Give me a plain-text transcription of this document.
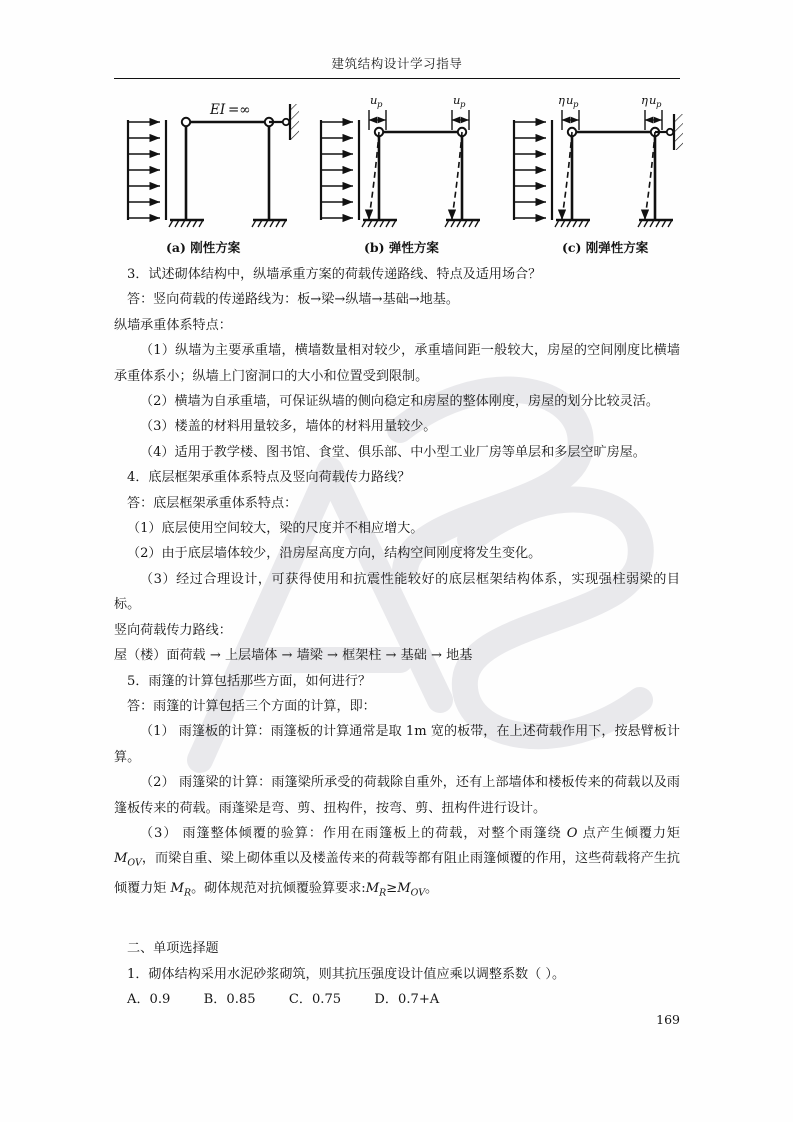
建筑结构设计学习指导
EI =∞
u p	u p	η u p	η u p
(a) 刚性方案	(b) 弹性方案	(c) 刚弹性方案

3．试述砌体结构中，纵墙承重方案的荷载传递路线、特点及适用场合？

答：竖向荷载的传递路线为：板→梁→纵墙→基础→地基。

纵墙承重体系特点：

（1）纵墙为主要承重墙，横墙数量相对较少，承重墙间距一般较大，房屋的空间刚度比横墙承重体系小；纵墙上门窗洞口的大小和位置受到限制。

（2）横墙为自承重墙，可保证纵墙的侧向稳定和房屋的整体刚度，房屋的划分比较灵活。

（3）楼盖的材料用量较多，墙体的材料用量较少。

（4）适用于教学楼、图书馆、食堂、俱乐部、中小型工业厂房等单层和多层空旷房屋。

4．底层框架承重体系特点及竖向荷载传力路线？

答：底层框架承重体系特点：

（1）底层使用空间较大，梁的尺度并不相应增大。

（2）由于底层墙体较少，沿房屋高度方向，结构空间刚度将发生变化。

（3）经过合理设计，可获得使用和抗震性能较好的底层框架结构体系，实现强柱弱梁的目标。

竖向荷载传力路线：

屋（楼）面荷载 → 上层墙体 → 墙梁 → 框架柱 → 基础 → 地基

5．雨篷的计算包括那些方面，如何进行？

答：雨篷的计算包括三个方面的计算，即：

（1） 雨篷板的计算：雨篷板的计算通常是取 1m 宽的板带，在上述荷载作用下，按悬臂板计算。

（2） 雨篷梁的计算：雨篷梁所承受的荷载除自重外，还有上部墙体和楼板传来的荷载以及雨篷板传来的荷载。雨蓬梁是弯、剪、扭构件，按弯、剪、扭构件进行设计。

（3） 雨篷整体倾覆的验算：作用在雨篷板上的荷载，对整个雨篷绕 O 点产生倾覆力矩 $M_{OV}$，而梁自重、梁上砌体重以及楼盖传来的荷载等都有阻止雨篷倾覆的作用，这些荷载将产生抗倾覆力矩 $M_R$。砌体规范对抗倾覆验算要求$:M_R\ge M_{OV}$。

二、单项选择题

1．砌体结构采用水泥砂浆砌筑，则其抗压强度设计值应乘以调整系数（ ）。

A．0.9        B．0.85        C．0.75        D．0.7+A

169
